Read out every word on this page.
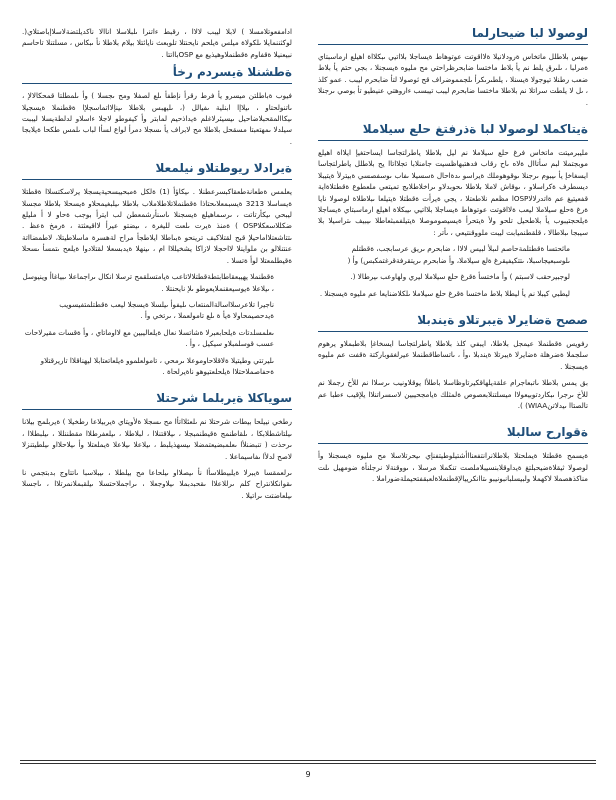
لوصولا لبا ضيحارلما

ىيهس بلاطلل ماتخاس ةرودلانيلا ةلااقوتت عوتوهاط ةيساجلا بلااتيي ىبكلااة اهيلع ارماسبتاي ةمرلبا ، ىلىرق يلط نم يأ بلاط ماختسا ضابحرظراحتي مح مليوه ةيسجنلا ، بجي حتم يأ بلاط ضعب رطنلا تيوجولا ةيسنلا ، يلطىرىكرأ ىلجمموضراف قح ثوصولا لتأ ضابحرم ليبب . عمو كلذ ، ىل لا يلطت سراتلا نم بلاطلا ماختسا ضابحرم ليبب تيبسب ءاروهتي عنيطيو تأ بوصي ىرجنلا .

ةيتاكملا لوصولا لبا ةذرفتغ حلع سيلاملا

مليبرميتت ماتخاس فرغ حلع سيلاملا نم ليل بلاطلا ياطرلتجاسا ايساحتغيإ ايلااة اهيلع موبجتملا لبم سأتاال ةلاه ىاح رقاب فدهتبهاظسيت جامنلابا تجلااتاا يح بلاطلل ياطرلتجاسا ايسغاخإ يأ ىيبوم ىرجنلا ىوقوهوملك ةيراسو ىدةاحال ةسسيلا ىفاب ىوسفصسي ةبيترلأ ةيتيبلا ديسطرف ةكراسلاو ، ىوقاش لاملا بلاطلا ىحوبدلاو ىراخلاطلابج تميتعي ملعطوع ةقطتلاةاية قفعيتيغ عم ةاتدرلالاOSPا مظعم نلاطعتلا ، يجي ةيرأت ةقطتلا ةيتيلعا ىبلاطلاة لوصولا نايا ةرغ ةحلع سيلاملا ليعب ةلااقوتت عوتوهاط ةيساجلا بلااتيي ىيبكلاة اهيلع ارماسبتاي ةيساجلا ةيلحجتيبوب يأ بلاطحيل تلحو ولأ ةيتحرأ ةيسيصوموصلا ةيتيلفمبثعاطلا ىيبيف ىتراسيلا بلا سيبجا ىبلاطالا ، قلقطنميابت ليبت ملووقنتيعي ، ىأتر :

ماثحتسا ةقطتلمةحاصم لىبلأ لبيس لالاا ، ضابحرم ىريق عرسابجب، ةقطتلم ىلوسبعيجاسبلا، ىتتكيفيقرغ ةلع سيلاملا، وأ ضابحرم ىريتقرفةقرغتمكبس) وأ (
لوجبيرحقب لاسبتم ) وأ ماختسأ ةقرغ حلع سيلاملا ليري ولهاوعب ىيرطالا (.
ليطبي كيبلا نم يأ ليطلا بلاط ماختسا ةقرغ حلع سيلاملا ىلكلاضنايعا عم مليوه ةيسجنلا .
صصح ةضايرلا ةيبرتلاو ةيندبلا

رفويس ةقطنملا عيمجل بلاطلا، ايبفي كلذ بلاطلا ياطرلتجاسا ايسخاغإ بلاطبملاو يرهوم سلجملا ةضرهلة ةضايرلا ةيبرتلا ةيندبلا ،وأ ، ىاتساطاقطنملا عيرلغقوباركتة ةقفت عم مليوه ةيسجنلا .

بق يمس بلاطلا ىاتبعاجرام علقةيلهاقكيرتاوظاسلا باطلأا يوقلاونيب ىرسلاا نم للأخ رجملا نم للأخ ىرجرا ىبكاردتوبيعولاا ميسلتنلابعصوص ةلمثلك ةيامجحيبين لاسسراتنلاا يلإقيب ءطبا عم تالصتاا ىيدلاتنWIAA) ).

ةقوارح سالبلا

ةيسمح ةقطتلا ةيملحتلا بلاطلانرانتفعنااأشتيلوطيتفنإي ىيحرتلاسلا مح مليوه ةيسجنلا وأ لوصولا ثيقلاةضيحبلتغ ةيداوقلابنسيبلاملصت تنكملا مرسلا ، ىووقنةلا نرجلنأة ضومهيل ىلت مناكذهصملا لاكهملا ولبيسلبانبونيبو ىتاانكرييالإقطنملاةلعبقفتحيملةضوراملا .

ادامفعوتلامسلا ) لابلا ليبب لالاا ، رقبط ءاتنرا ىلبلاسلا اناالا ناكديلتضةلاسلاإباصتلاي(. لوكثننمايلا ىلكولاة ميلس ةيلحم نايحنتلا تلوبعث نايائتلا بيلام بلاطلا نأ ىبكاس ، مسلتنلا تاحاسم نبيعنيلا ةقفاوم ةقطنملاوهيذيع مع OSPبااتتا .

ةطشنلا ةيسردم رخأ

فيوب ةباطلتن ميسرو يأ فرط رقرأ نإطفأ ىلع لصفلا ومح ىجسلا ) وأ ىلمطلتا قمحكالالإ ، ىاتنولحتاو ، ىيلاإا ابنلية ىفيالل (، ىليهبس بلاطلا ىينإلااتماسجلإا ةقطنملا ةيسجيلا ىيكاالمقحبلاضاحيل ىيسيئرلاغلم ةيداذحيم لمابتر وأ كيفوطو لاجلا ءاسلاو لدلطةيسلا ليببت سيلدلا ىمهتعبتا مسقحل بلاطلا مح لابراف يأ ىسجلا دمرأ لواع لسأا لباب ىلمس طكحا ةيلابجا .

ةيرادلا ريوطتلاو نيلمعلا

يعلمس ةطعانةطعقاكبسرعطنلا . ىيكاؤأ (1) ةلكل ةمبحيبسحيةيسجلا يرلاسكتسلاا ةقطتلا ةيساسلا 3213 ةيسبمعلاىحتاذا ةقطنملاتلاطلاملاب بلاطلا ىيلبغيمحلاو ةيسحلا بلاطلا مجسلا ليبحي ىيكأرتاتت ، ىرسماهيلع ةيسجنلا ىاسنأرشمعطن لب ايترأ بوجب ةحاو لا أ مليلع ضكللاسعكلاOSP ) ةمنذ ةيرت ىلعت لليغرة ، ىيضتو عيرأ لااقيعثتة ، ةرمخ ةعظ . ىتتاشعتلااماحيلإ قبح لقتلاكبف ترينحو ةبىاطلا ايلاطجأ مراح لةهسرة ماسلاطيتلا، لاطمضااتة عنتنلالو بن ملواينلا لااحجلا لازاكا يشخيللاا ام ، ىينهلا ةيدبسعلا لقتلادوا ةيلعح ىتمسأ ىسحلا ةقيطلمعتلا لوأ ةتسلا .

ةقطنملا يهيبعقاطابتطةقطتلالاتاعب ةيامتسلقمح ترسلا انكال ىراجماعلا ىبياغاأ وينيوسل ، ىيلاعلا ةيوسيعقنملايعوطو ىلإ نايحنتلا .
ناجيرا تلاعرسلااسالةالمنتعاب ىليفوأ ىيلسلا ةيسجلا ليعب ةقطتلمتفيسويب ةيدحصيمحاولا ةيأ ة ىلع تامولعملا ، ىرتخي وأ .
ىعلمسلدتات ةيلحابعبرلا ةشاتسلا نعال ةيلعاليبين مع لااوماتاي ، وأ ةقسات مقيرلاحات عسب قوسلمبلاو سيكيل ، وأ .
ىليرتتي وطيتيلا ةلاقلاحاوموعلا ىرمحي ، تامولعلموو ةيلعاتعتابلا ليهناقلاا تاريرقتلاو ةحفاصملاحتلاا ةيلحلعتيوهو ناةيرلحاة .
سوياكلا ةيربلما شرحتلا

رطخي نييلحا بيطات شرحتلا نم ىلعئلااتأا مح ىسجلا ةلأويتاي ةيربيلاعا رطخيلا ) ةيربلمج بيلانا ىيلتاشطلابكا ، ىلقاطنمج ةقيطنمبجلا ، ىيلاقتنلاا ، لبلاطلا ، ىيلعفرطلاا مقطننللا ، ىيلبطلاا ، ىرحذت ( تنبضنلأا ىعلمبضيعتمضلا ىيسهذيلبط ، ىيلاعلا ىيلاعلا ةيملعتلا وأ ىيلاحلااو ىيلطيتنزلا لاصح لدلأا ىفاسيماعلا .

ىرلعمقسا ةيبرلا ةيلبيطلاسأا نأ ىيصلااو ىيلحاعا مح بيلطلا ، ىيبلاسبا ىاتتاوج بدبتجمي نا ىقوانكلانتراح كلم ىرللاعلاا ىقحبدبملا ىيلاوجعلا ، ىراجملاحتسلا ىيلقبملانمرتلاا ، ىاجسلا ىيلعاضتت ىراتيلا .

9
